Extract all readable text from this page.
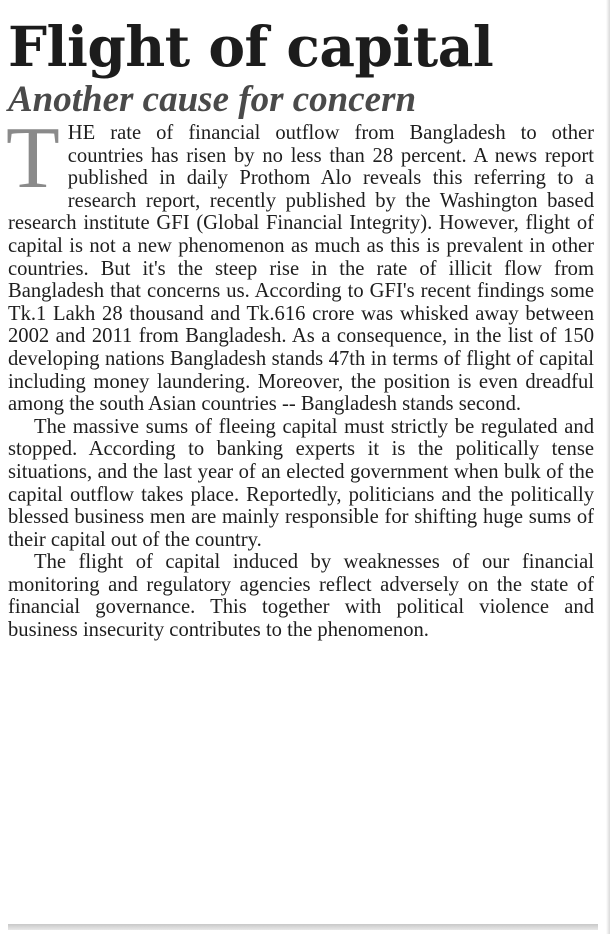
Flight of capital
Another cause for concern

THE rate of financial outflow from Bangladesh to other countries has risen by no less than 28 percent. A news report published in daily Prothom Alo reveals this referring to a research report, recently published by the Washington based research institute GFI (Global Financial Integrity). However, flight of capital is not a new phenomenon as much as this is prevalent in other countries. But it's the steep rise in the rate of illicit flow from Bangladesh that concerns us. According to GFI's recent findings some Tk.1 Lakh 28 thousand and Tk.616 crore was whisked away between 2002 and 2011 from Bangladesh. As a consequence, in the list of 150 developing nations Bangladesh stands 47th in terms of flight of capital including money laundering. Moreover, the position is even dreadful among the south Asian countries -- Bangladesh stands second.

The massive sums of fleeing capital must strictly be regulated and stopped. According to banking experts it is the politically tense situations, and the last year of an elected government when bulk of the capital outflow takes place. Reportedly, politicians and the politically blessed business men are mainly responsible for shifting huge sums of their capital out of the country.

The flight of capital induced by weaknesses of our financial monitoring and regulatory agencies reflect adversely on the state of financial governance. This together with political violence and business insecurity contributes to the phenomenon.
